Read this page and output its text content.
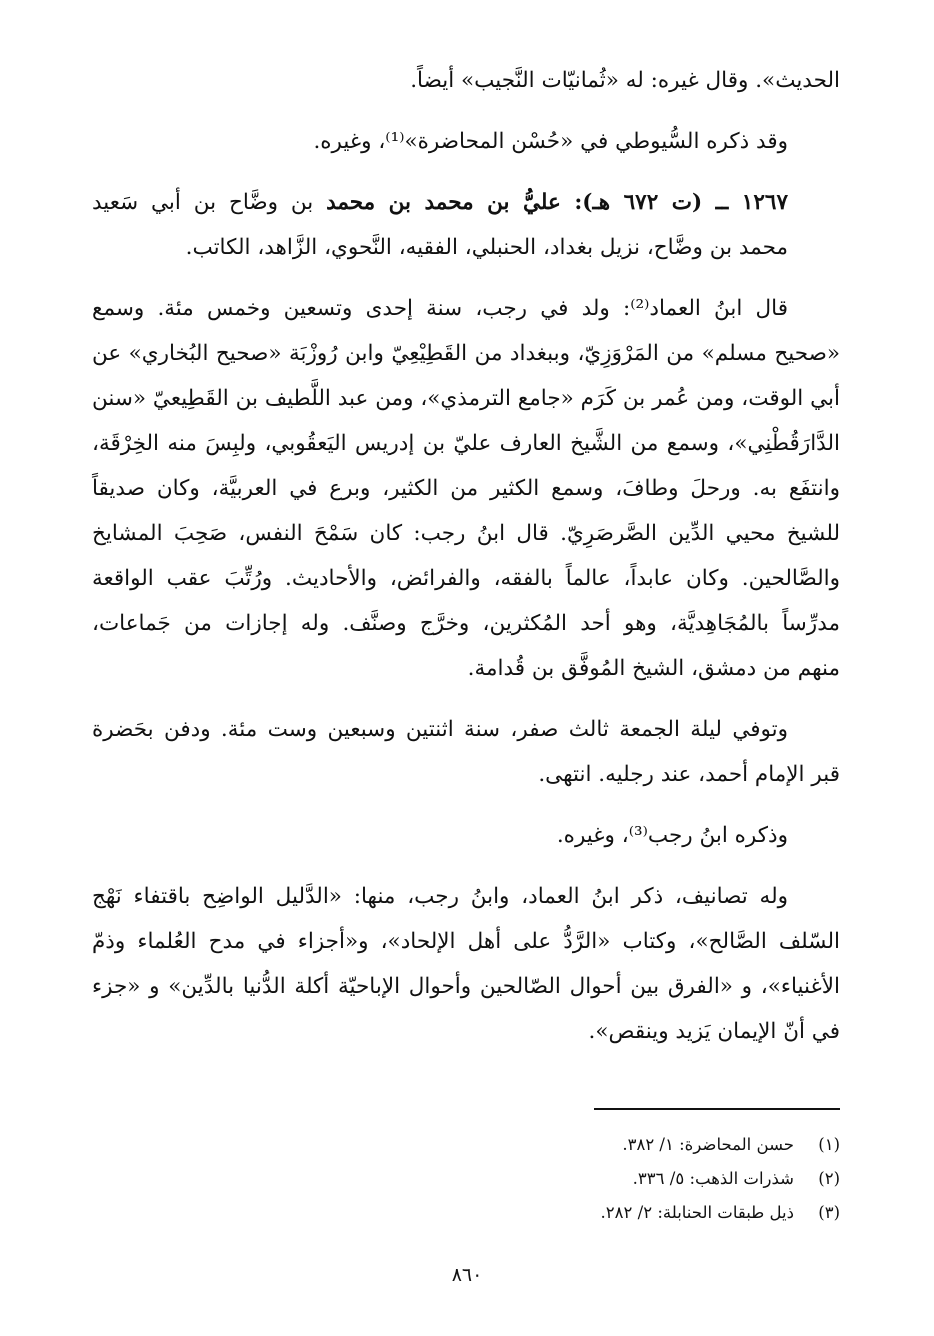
الحديث». وقال غيره: له «ثُمانيّات النَّجيب» أيضاً.

وقد ذكره السُّيوطي في «حُسْن المحاضرة»⁽¹⁾، وغيره.

١٢٦٧ ــ (ت ٦٧٢ هـ): عليُّ بن محمد بن محمد بن وضَّاح بن أبي سَعيد
محمد بن وضَّاح، نزيل بغداد، الحنبلي، الفقيه، النَّحوي، الزَّاهد، الكاتب.

قال ابنُ العماد⁽²⁾: ولد في رجب، سنة إحدى وتسعين وخمس مئة. وسمع
«صحيح مسلم» من المَرْوَزِيّ، وببغداد من القَطِيْعِيّ وابن رُوزْبَة «صحيح البُخاري» عن
أبي الوقت، ومن عُمر بن كَرَم «جامع الترمذي»، ومن عبد اللَّطيف بن القَطِيعيّ «سنن
الدَّارَقُطْنِي»، وسمع من الشَّيخ العارف عليّ بن إدريس اليَعقُوبي، ولبِسَ منه الخِرْقَة،
وانتفَع به. ورحلَ وطافَ، وسمع الكثير من الكثير، وبرع في العربيَّة، وكان صديقاً
للشيخ محيي الدِّين الصَّرصَرِيّ. قال ابنُ رجب: كان سَمْحَ النفس، صَحِبَ المشايخ
والصَّالحين. وكان عابداً، عالماً بالفقه، والفرائض، والأحاديث. ورُتِّبَ عقب الواقعة
مدرِّساً بالمُجَاهِديَّة، وهو أحد المُكثرين، وخرَّج وصنَّف. وله إجازات من جَماعات،
منهم من دمشق، الشيخ المُوفَّق بن قُدامة.

وتوفي ليلة الجمعة ثالث صفر، سنة اثنتين وسبعين وست مئة. ودفن بحَضرة
قبر الإمام أحمد، عند رجليه. انتهى.

وذكره ابنُ رجب⁽³⁾، وغيره.

وله تصانيف، ذكر ابنُ العماد، وابنُ رجب، منها: «الدَّليل الواضِح باقتفاء نَهْج
السّلف الصَّالح»، وكتاب «الرَّدُّ على أهل الإلحاد»، و«أجزاء في مدح العُلماء وذمّ
الأغنياء»، و «الفرق بين أحوال الصّالحين وأحوال الإباحيّة أكلة الدُّنيا بالدِّين» و «جزء
في أنّ الإيمان يَزيد وينقص».

(١)حسن المحاضرة: ١/ ٣٨٢.
(٢)شذرات الذهب: ٥/ ٣٣٦.
(٣)ذيل طبقات الحنابلة: ٢/ ٢٨٢.
٨٦٠
